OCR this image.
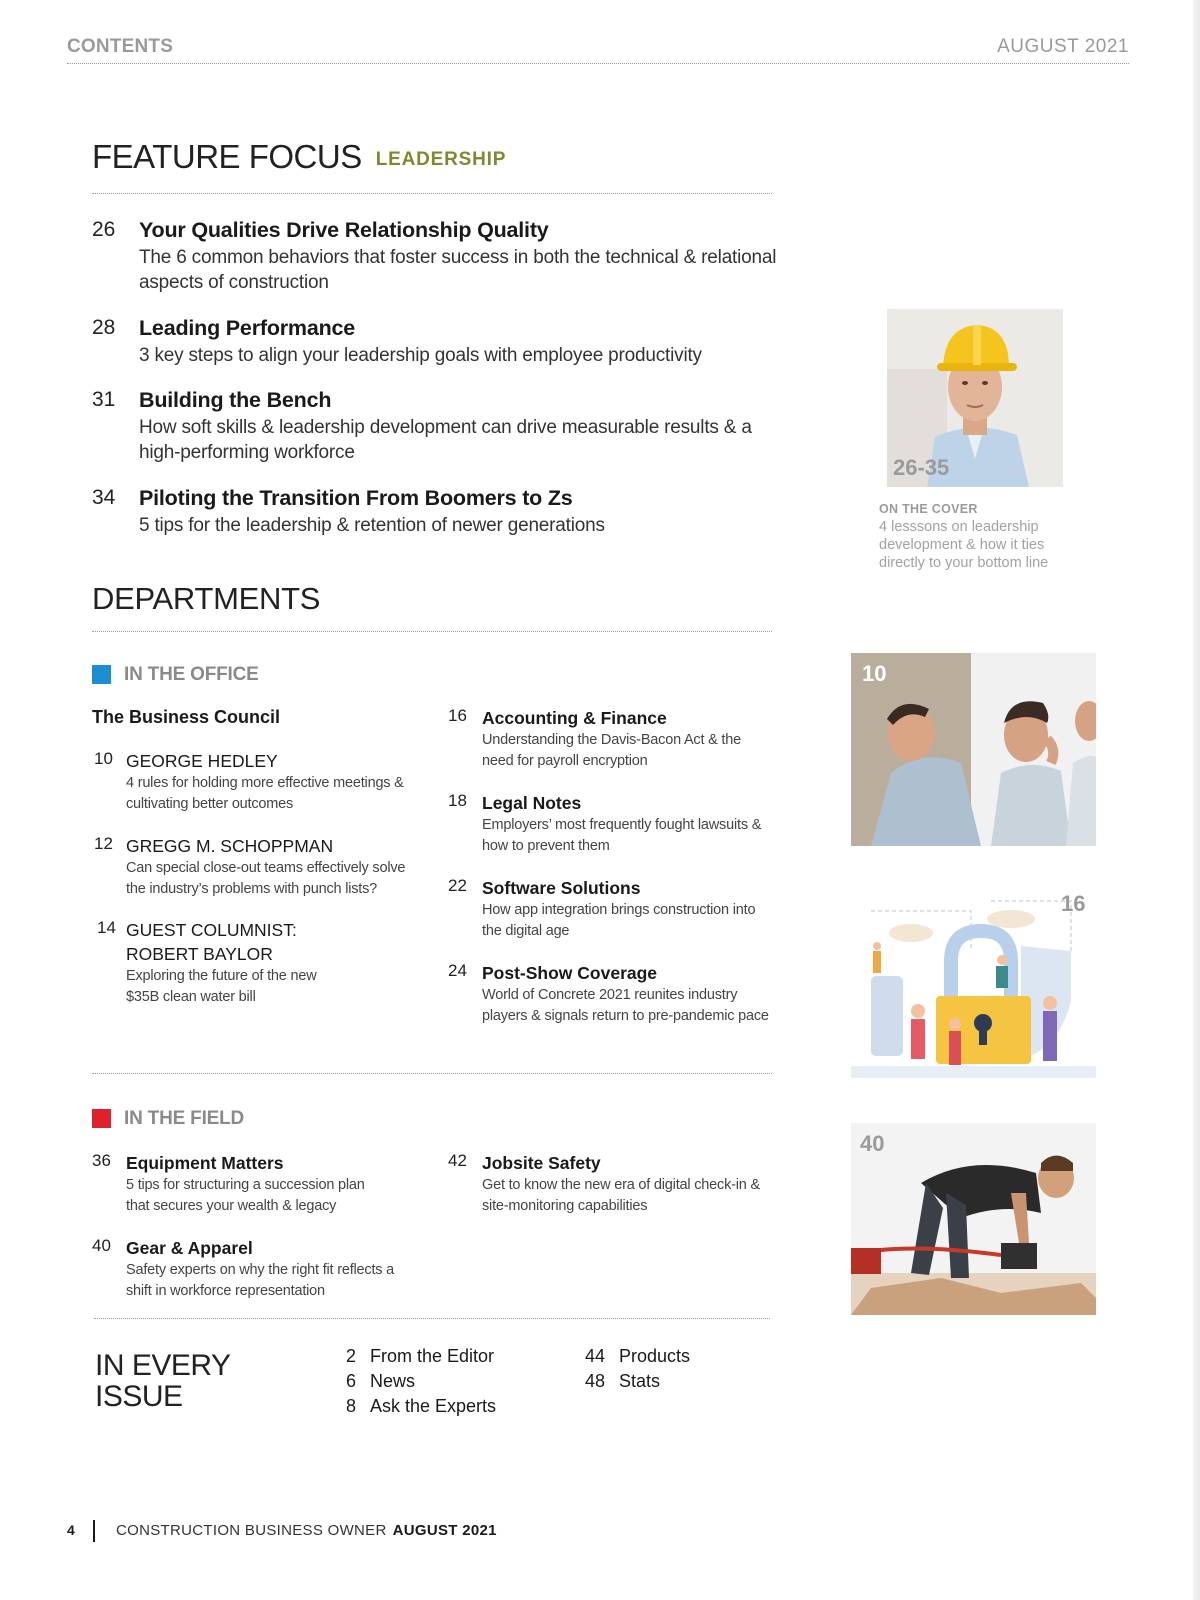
CONTENTS	AUGUST 2021
FEATURE FOCUS LEADERSHIP
26 Your Qualities Drive Relationship Quality
The 6 common behaviors that foster success in both the technical & relational aspects of construction
28 Leading Performance
3 key steps to align your leadership goals with employee productivity
31 Building the Bench
How soft skills & leadership development can drive measurable results & a high-performing workforce
34 Piloting the Transition From Boomers to Zs
5 tips for the leadership & retention of newer generations
DEPARTMENTS
IN THE OFFICE
The Business Council
10 GEORGE HEDLEY
4 rules for holding more effective meetings & cultivating better outcomes
12 GREGG M. SCHOPPMAN
Can special close-out teams effectively solve the industry’s problems with punch lists?
14 GUEST COLUMNIST:
ROBERT BAYLOR
Exploring the future of the new $35B clean water bill
16 Accounting & Finance
Understanding the Davis-Bacon Act & the need for payroll encryption
18 Legal Notes
Employers’ most frequently fought lawsuits & how to prevent them
22 Software Solutions
How app integration brings construction into the digital age
24 Post-Show Coverage
World of Concrete 2021 reunites industry players & signals return to pre-pandemic pace
IN THE FIELD
36 Equipment Matters
5 tips for structuring a succession plan that secures your wealth & legacy
40 Gear & Apparel
Safety experts on why the right fit reflects a shift in workforce representation
42 Jobsite Safety
Get to know the new era of digital check-in & site-monitoring capabilities
IN EVERY
ISSUE
2 From the Editor
6 News
8 Ask the Experts
44 Products
48 Stats
26-35
ON THE COVER
4 lesssons on leadership development & how it ties directly to your bottom line
10
16
40
4	CONSTRUCTION BUSINESS OWNER AUGUST 2021
